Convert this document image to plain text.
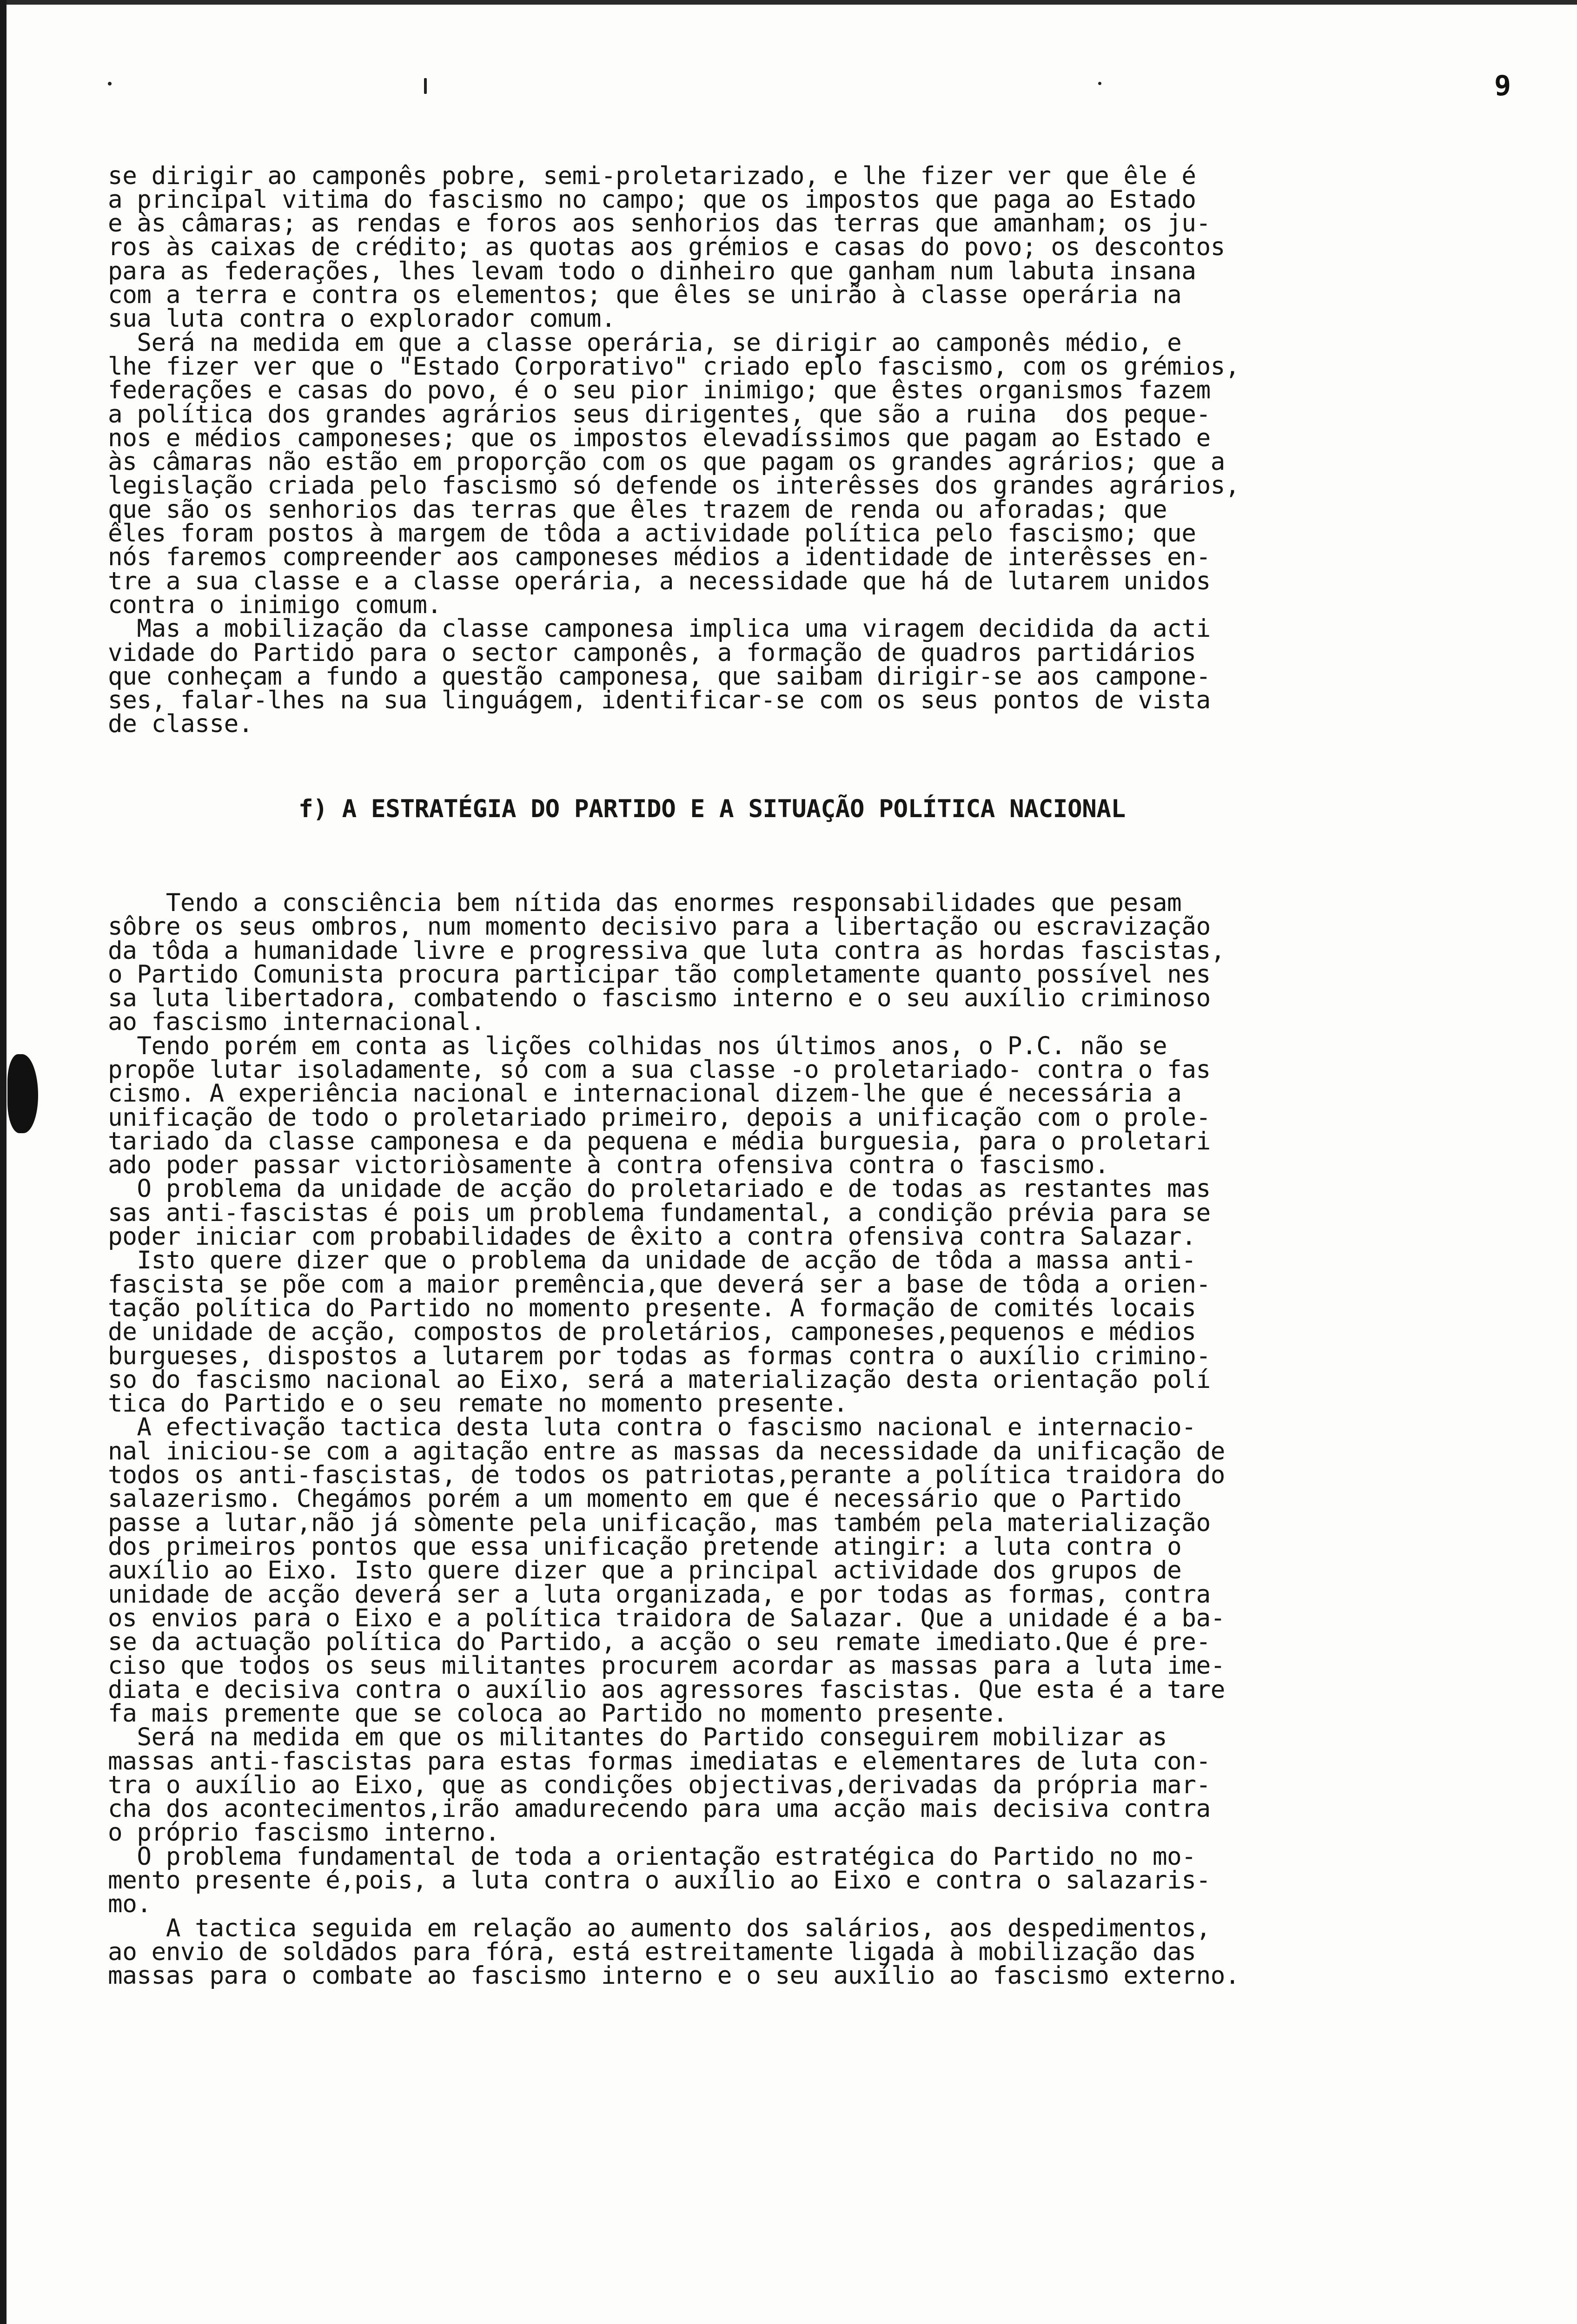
9

se dirigir ao camponês pobre, semi-proletarizado, e lhe fizer ver que êle é
a principal vitima do fascismo no campo; que os impostos que paga ao Estado
e às câmaras; as rendas e foros aos senhorios das terras que amanham; os ju-
ros às caixas de crédito; as quotas aos grémios e casas do povo; os descontos
para as federações, lhes levam todo o dinheiro que ganham num labuta insana
com a terra e contra os elementos; que êles se unirão à classe operária na
sua luta contra o explorador comum.
Será na medida em que a classe operária, se dirigir ao camponês médio, e
lhe fizer ver que o "Estado Corporativo" criado eplo fascismo, com os grémios,
federações e casas do povo, é o seu pior inimigo; que êstes organismos fazem
a política dos grandes agrários seus dirigentes, que são a ruina  dos peque-
nos e médios camponeses; que os impostos elevadíssimos que pagam ao Estado e
às câmaras não estão em proporção com os que pagam os grandes agrários; que a
legislação criada pelo fascismo só defende os interêsses dos grandes agrários,
que são os senhorios das terras que êles trazem de renda ou aforadas; que
êles foram postos à margem de tôda a actividade política pelo fascismo; que
nós faremos compreender aos camponeses médios a identidade de interêsses en-
tre a sua classe e a classe operária, a necessidade que há de lutarem unidos
contra o inimigo comum.
Mas a mobilização da classe camponesa implica uma viragem decidida da acti
vidade do Partido para o sector camponês, a formação de quadros partidários
que conheçam a fundo a questão camponesa, que saibam dirigir-se aos campone-
ses, falar-lhes na sua linguágem, identificar-se com os seus pontos de vista
de classe.

f) A ESTRATÉGIA DO PARTIDO E A SITUAÇÃO POLÍTICA NACIONAL

Tendo a consciência bem nítida das enormes responsabilidades que pesam
sôbre os seus ombros, num momento decisivo para a libertação ou escravização
da tôda a humanidade livre e progressiva que luta contra as hordas fascistas,
o Partido Comunista procura participar tão completamente quanto possível nes
sa luta libertadora, combatendo o fascismo interno e o seu auxílio criminoso
ao fascismo internacional.
Tendo porém em conta as lições colhidas nos últimos anos, o P.C. não se
propõe lutar isoladamente, só com a sua classe -o proletariado- contra o fas
cismo. A experiência nacional e internacional dizem-lhe que é necessária a
unificação de todo o proletariado primeiro, depois a unificação com o prole-
tariado da classe camponesa e da pequena e média burguesia, para o proletari
ado poder passar victoriòsamente à contra ofensiva contra o fascismo.
O problema da unidade de acção do proletariado e de todas as restantes mas
sas anti-fascistas é pois um problema fundamental, a condição prévia para se
poder iniciar com probabilidades de êxito a contra ofensiva contra Salazar.
Isto quere dizer que o problema da unidade de acção de tôda a massa anti-
fascista se põe com a maior premência,que deverá ser a base de tôda a orien-
tação política do Partido no momento presente. A formação de comités locais
de unidade de acção, compostos de proletários, camponeses,pequenos e médios
burgueses, dispostos a lutarem por todas as formas contra o auxílio crimino-
so do fascismo nacional ao Eixo, será a materialização desta orientação polí
tica do Partido e o seu remate no momento presente.
A efectivação tactica desta luta contra o fascismo nacional e internacio-
nal iniciou-se com a agitação entre as massas da necessidade da unificação de
todos os anti-fascistas, de todos os patriotas,perante a política traidora do
salazerismo. Chegámos porém a um momento em que é necessário que o Partido
passe a lutar,não já sòmente pela unificação, mas também pela materialização
dos primeiros pontos que essa unificação pretende atingir: a luta contra o
auxílio ao Eixo. Isto quere dizer que a principal actividade dos grupos de
unidade de acção deverá ser a luta organizada, e por todas as formas, contra
os envios para o Eixo e a política traidora de Salazar. Que a unidade é a ba-
se da actuação política do Partido, a acção o seu remate imediato.Que é pre-
ciso que todos os seus militantes procurem acordar as massas para a luta ime-
diata e decisiva contra o auxílio aos agressores fascistas. Que esta é a tare
fa mais premente que se coloca ao Partido no momento presente.
Será na medida em que os militantes do Partido conseguirem mobilizar as
massas anti-fascistas para estas formas imediatas e elementares de luta con-
tra o auxílio ao Eixo, que as condições objectivas,derivadas da própria mar-
cha dos acontecimentos,irão amadurecendo para uma acção mais decisiva contra
o próprio fascismo interno.
O problema fundamental de toda a orientação estratégica do Partido no mo-
mento presente é,pois, a luta contra o auxílio ao Eixo e contra o salazaris-
mo.
A tactica seguida em relação ao aumento dos salários, aos despedimentos,
ao envio de soldados para fóra, está estreitamente ligada à mobilização das
massas para o combate ao fascismo interno e o seu auxílio ao fascismo externo.
